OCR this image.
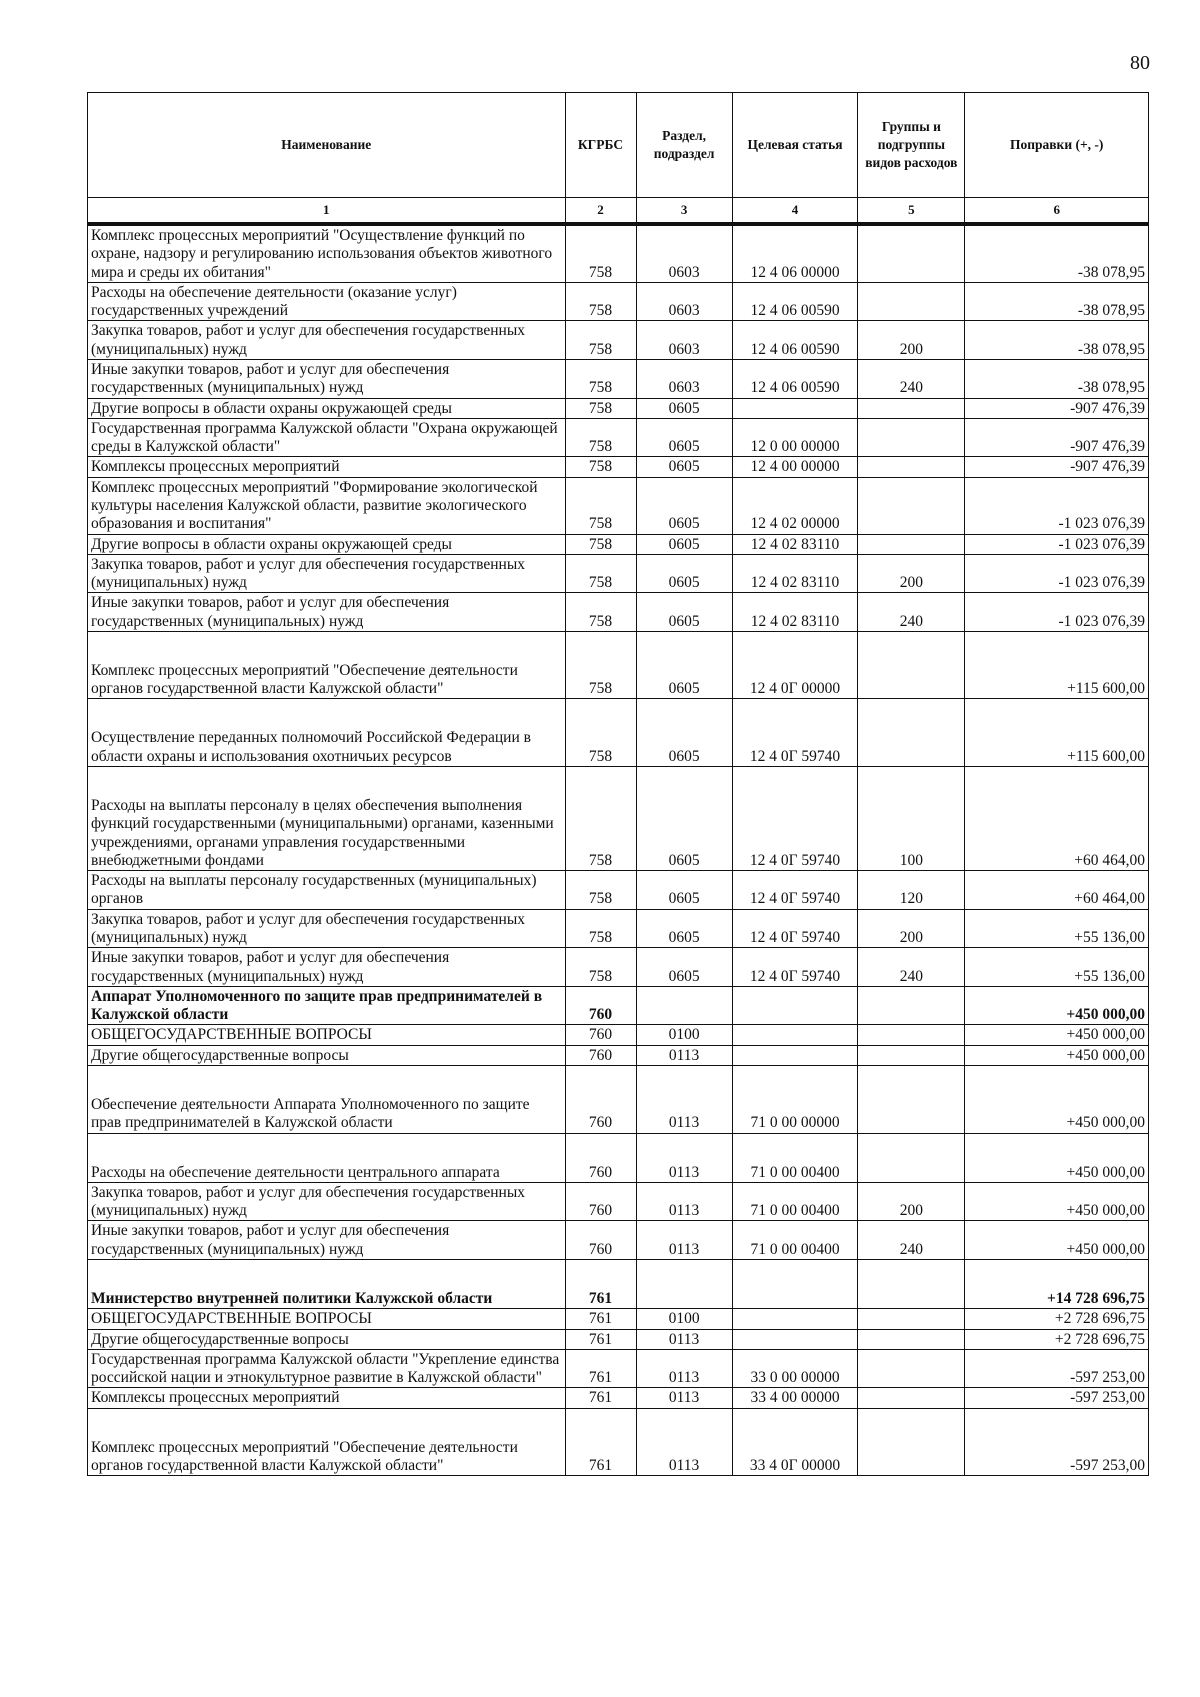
80
Наименование	КГРБС	Раздел, подраздел	Целевая статья	Группы и подгруппы видов расходов	Поправки (+, -)
1	2	3	4	5	6
Комплекс процессных мероприятий "Осуществление функций по охране, надзору и регулированию использования объектов животного мира и среды их обитания"	758	0603	12 4 06 00000		-38 078,95
Расходы на обеспечение деятельности (оказание услуг) государственных учреждений	758	0603	12 4 06 00590		-38 078,95
Закупка товаров, работ и услуг для обеспечения государственных (муниципальных) нужд	758	0603	12 4 06 00590	200	-38 078,95
Иные закупки товаров, работ и услуг для обеспечения государственных (муниципальных) нужд	758	0603	12 4 06 00590	240	-38 078,95
Другие вопросы в области охраны окружающей среды	758	0605			-907 476,39
Государственная программа Калужской области "Охрана окружающей среды в Калужской области"	758	0605	12 0 00 00000		-907 476,39
Комплексы процессных мероприятий	758	0605	12 4 00 00000		-907 476,39
Комплекс процессных мероприятий "Формирование экологической культуры населения Калужской области, развитие экологического образования и воспитания"	758	0605	12 4 02 00000		-1 023 076,39
Другие вопросы в области охраны окружающей среды	758	0605	12 4 02 83110		-1 023 076,39
Закупка товаров, работ и услуг для обеспечения государственных (муниципальных) нужд	758	0605	12 4 02 83110	200	-1 023 076,39
Иные закупки товаров, работ и услуг для обеспечения государственных (муниципальных) нужд	758	0605	12 4 02 83110	240	-1 023 076,39

Комплекс процессных мероприятий "Обеспечение деятельности органов государственной власти Калужской области"	758	0605	12 4 0Г 00000		+115 600,00

Осуществление переданных полномочий Российской Федерации в области охраны и использования охотничьих ресурсов	758	0605	12 4 0Г 59740		+115 600,00

Расходы на выплаты персоналу в целях обеспечения выполнения функций государственными (муниципальными) органами, казенными учреждениями, органами управления государственными внебюджетными фондами	758	0605	12 4 0Г 59740	100	+60 464,00
Расходы на выплаты персоналу государственных (муниципальных) органов	758	0605	12 4 0Г 59740	120	+60 464,00
Закупка товаров, работ и услуг для обеспечения государственных (муниципальных) нужд	758	0605	12 4 0Г 59740	200	+55 136,00
Иные закупки товаров, работ и услуг для обеспечения государственных (муниципальных) нужд	758	0605	12 4 0Г 59740	240	+55 136,00
Аппарат Уполномоченного по защите прав предпринимателей в Калужской области	760				+450 000,00
ОБЩЕГОСУДАРСТВЕННЫЕ ВОПРОСЫ	760	0100			+450 000,00
Другие общегосударственные вопросы	760	0113			+450 000,00

Обеспечение деятельности Аппарата Уполномоченного по защите прав предпринимателей в Калужской области	760	0113	71 0 00 00000		+450 000,00

Расходы на обеспечение деятельности центрального аппарата	760	0113	71 0 00 00400		+450 000,00
Закупка товаров, работ и услуг для обеспечения государственных (муниципальных) нужд	760	0113	71 0 00 00400	200	+450 000,00
Иные закупки товаров, работ и услуг для обеспечения государственных (муниципальных) нужд	760	0113	71 0 00 00400	240	+450 000,00

Министерство внутренней политики Калужской области	761				+14 728 696,75
ОБЩЕГОСУДАРСТВЕННЫЕ ВОПРОСЫ	761	0100			+2 728 696,75
Другие общегосударственные вопросы	761	0113			+2 728 696,75
Государственная программа Калужской области "Укрепление единства российской нации и этнокультурное развитие в Калужской области"	761	0113	33 0 00 00000		-597 253,00
Комплексы процессных мероприятий	761	0113	33 4 00 00000		-597 253,00

Комплекс процессных мероприятий "Обеспечение деятельности органов государственной власти Калужской области"	761	0113	33 4 0Г 00000		-597 253,00
